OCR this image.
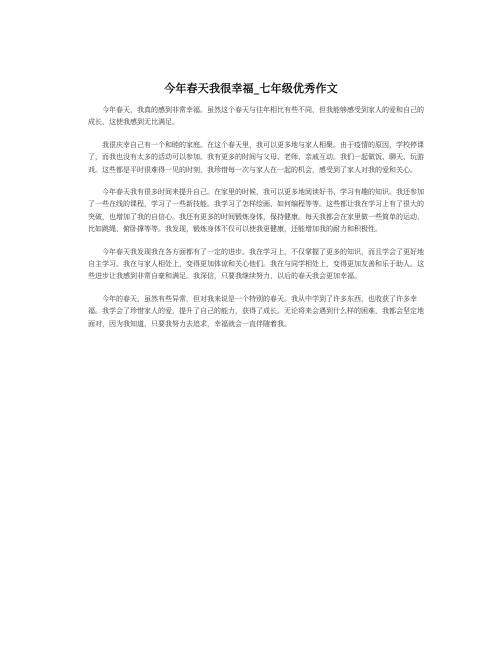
今年春天我很幸福_七年级优秀作文

今年春天，我真的感到非常幸福。虽然这个春天与往年相比有些不同，但我能够感受到家人的爱和自己的成长，这使我感到无比满足。

我很庆幸自己有一个和睦的家庭。在这个春天里，我可以更多地与家人相聚。由于疫情的原因，学校停课了，而我也没有太多的活动可以参加。我有更多的时间与父母、老师、亲戚互动。我们一起做饭、聊天、玩游戏。这些都是平时很难得一见的时刻，我珍惜每一次与家人在一起的机会，感受到了家人对我的爱和关心。

今年春天我有很多时间来提升自己。在家里的时候，我可以更多地阅读好书、学习有趣的知识。我还参加了一些在线的课程，学习了一些新技能。我学习了怎样绘画、如何编程等等。这些都让我在学习上有了很大的突破，也增加了我的自信心。我还有更多的时间锻炼身体，保持健康。每天我都会在家里做一些简单的运动，比如跳绳、俯卧撑等等。我发现，锻炼身体不仅可以使我更健康，还能增加我的耐力和积极性。

今年春天我发现我在各方面都有了一定的进步。我在学习上，不仅掌握了更多的知识，而且学会了更好地自主学习。我在与家人相处上，变得更加体谅和关心他们。我在与同学相处上，变得更加友善和乐于助人。这些进步让我感到非常自豪和满足。我深信，只要我继续努力，以后的春天我会更加幸福。

今年的春天，虽然有些异常，但对我来说是一个特别的春天。我从中学到了许多东西，也收获了许多幸福。我学会了珍惜家人的爱，提升了自己的能力，获得了成长。无论将来会遇到什么样的困难，我都会坚定地面对，因为我知道，只要我努力去追求，幸福就会一直伴随着我。
